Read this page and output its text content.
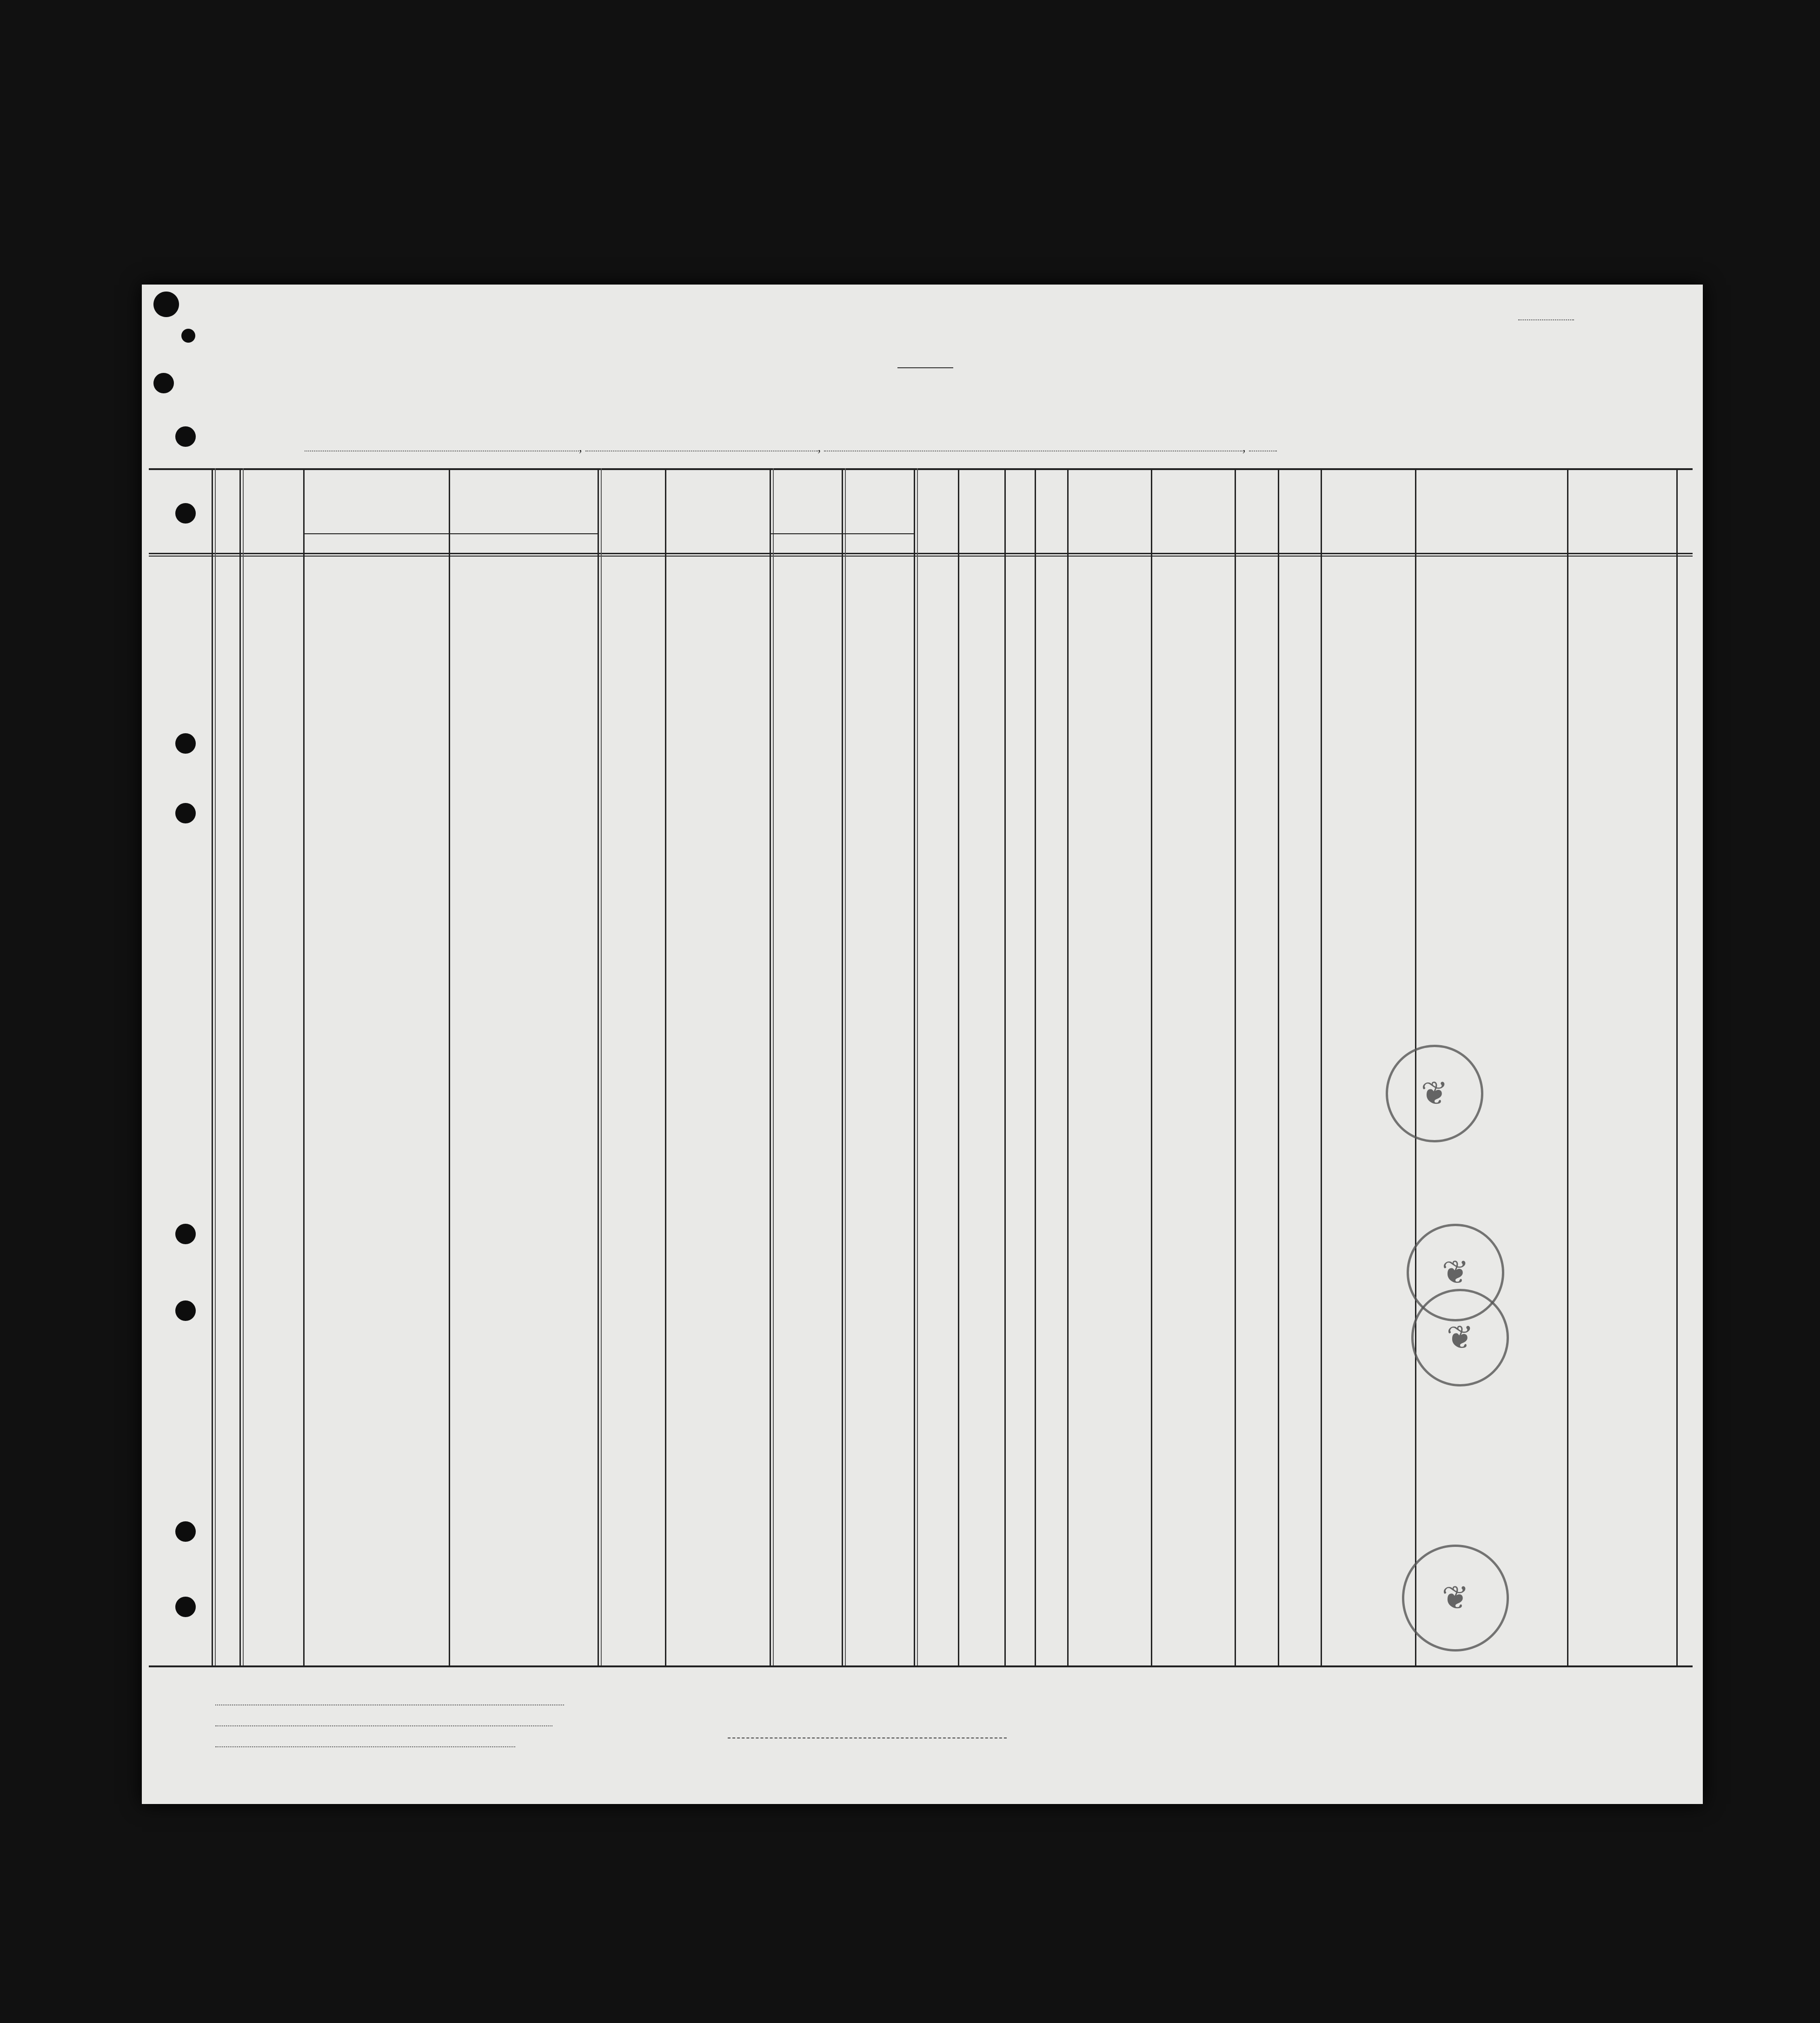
,	,	,
❦
❦
❦
❦
